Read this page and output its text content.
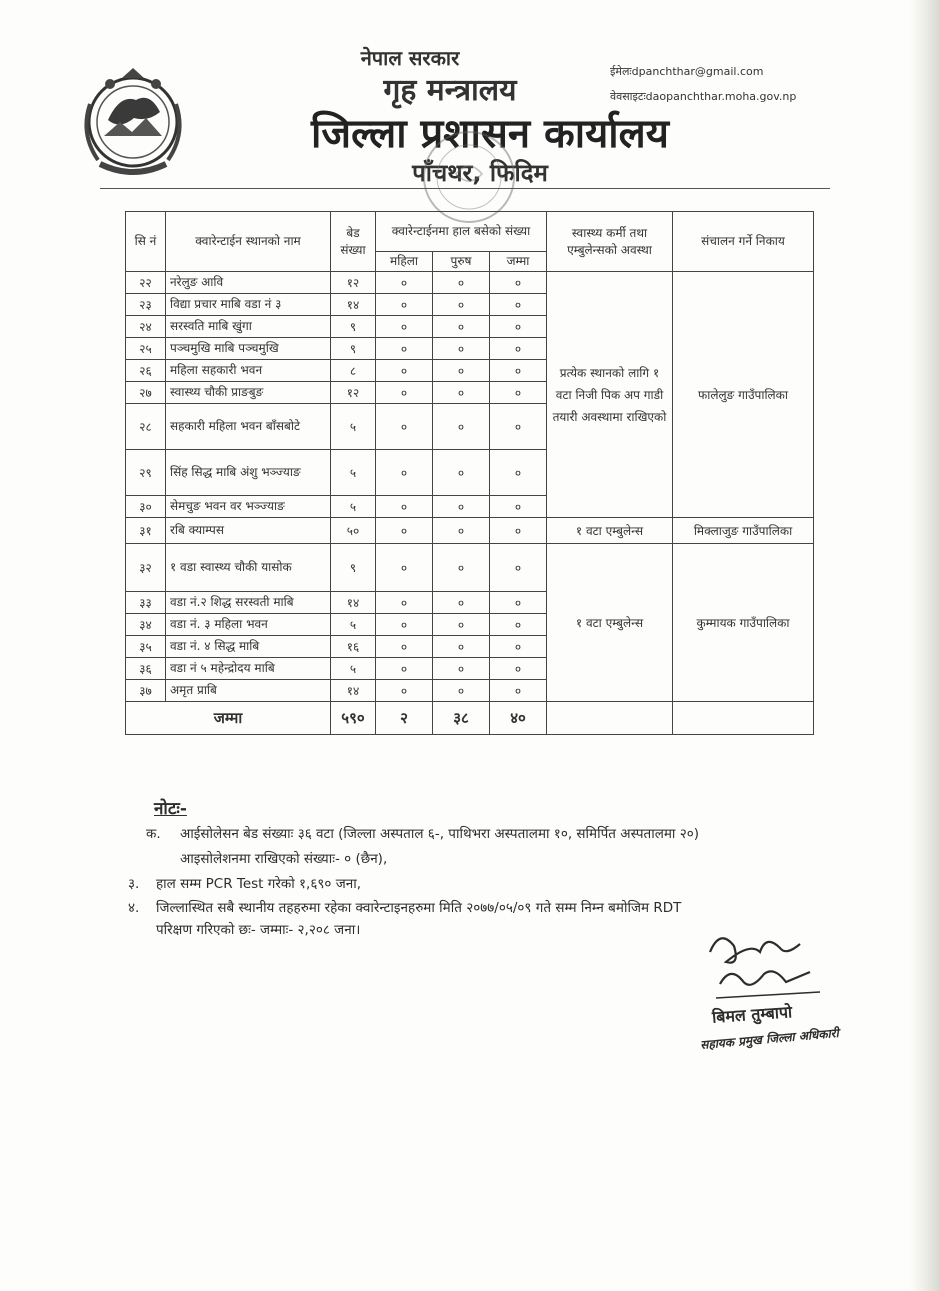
नेपाल सरकार
गृह मन्त्रालय
जिल्ला प्रशासन कार्यालय
पाँचथर, फिदिम
ईमेलःdpanchthar@gmail.com
वेवसाइटःdaopanchthar.moha.gov.np
सि नं	क्वारेन्टाईन स्थानको नाम	बेड संख्या	क्वारेन्टाईनमा हाल बसेको संख्या			स्वास्थ्य कर्मी तथा एम्बुलेन्सको अवस्था	संचालन गर्ने निकाय
			महिला	पुरुष	जम्मा		
२२	नरेलुङ आवि	१२	०	०	०	प्रत्येक स्थानको लागि १ वटा निजी पिक अप गाडी तयारी अवस्थामा राखिएको	फालेलुङ गाउँपालिका
२३	विद्या प्रचार माबि वडा नं ३	१४	०	०	०		
२४	सरस्वति माबि खुंगा	९	०	०	०		
२५	पञ्चमुखि माबि पञ्चमुखि	९	०	०	०		
२६	महिला सहकारी भवन	८	०	०	०		
२७	स्वास्थ्य चौकी प्राङबुङ	१२	०	०	०		
२८	सहकारी महिला भवन बाँसबोटे	५	०	०	०		
२९	सिंह सिद्ध माबि अंशु भञ्ज्याङ	५	०	०	०		
३०	सेमचुङ भवन वर भञ्ज्याङ	५	०	०	०		
३१	रबि क्याम्पस	५०	०	०	०	१ वटा एम्बुलेन्स	मिक्लाजुङ गाउँपालिका
३२	१ वडा स्वास्थ्य चौकी यासोक	९	०	०	०	१ वटा एम्बुलेन्स	कुम्मायक गाउँपालिका
३३	वडा नं.२ शिद्ध सरस्वती माबि	१४	०	०	०		
३४	वडा नं. ३ महिला भवन	५	०	०	०		
३५	वडा नं. ४ सिद्ध माबि	१६	०	०	०		
३६	वडा नं ५ महेन्द्रोदय माबि	५	०	०	०		
३७	अमृत प्राबि	१४	०	०	०		
जम्मा		५९०	२	३८	४०		
नोटः-
क. आईसोलेसन बेड संख्याः ३६ वटा (जिल्ला अस्पताल ६-, पाथिभरा अस्पतालमा १०, समिर्पित अस्पतालमा २०)
आइसोलेशनमा राखिएको संख्याः- ० (छैन),
३. हाल सम्म PCR Test गरेको १,६९० जना,
४. जिल्लास्थित सबै स्थानीय तहहरुमा रहेका क्वारेन्टाइनहरुमा मिति २०७७/०५/०९ गते सम्म निम्न बमोजिम RDT
परिक्षण गरिएको छः- जम्माः- २,२०८ जना।
बिमल तुम्बापो
सहायक प्रमुख जिल्ला अधिकारी
